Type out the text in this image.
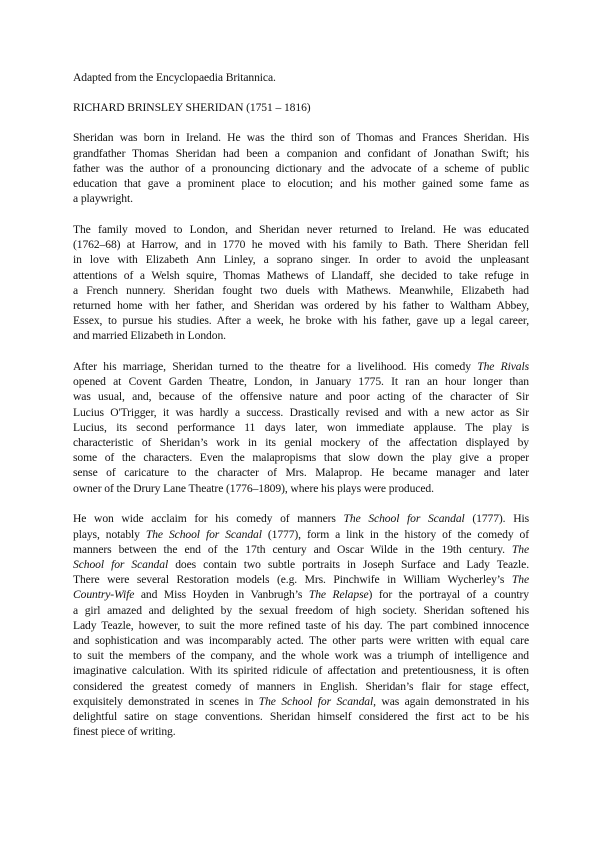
Adapted from the Encyclopaedia Britannica.

RICHARD BRINSLEY SHERIDAN (1751 – 1816)

Sheridan was born in Ireland. He was the third son of Thomas and Frances Sheridan. His
grandfather Thomas Sheridan had been a companion and confidant of Jonathan Swift; his
father was the author of a pronouncing dictionary and the advocate of a scheme of public
education that gave a prominent place to elocution; and his mother gained some fame as
a playwright.

The family moved to London, and Sheridan never returned to Ireland. He was educated
(1762–68) at Harrow, and in 1770 he moved with his family to Bath. There Sheridan fell
in love with Elizabeth Ann Linley, a soprano singer. In order to avoid the unpleasant
attentions of a Welsh squire, Thomas Mathews of Llandaff, she decided to take refuge in
a French nunnery. Sheridan fought two duels with Mathews. Meanwhile, Elizabeth had
returned home with her father, and Sheridan was ordered by his father to Waltham Abbey,
Essex, to pursue his studies. After a week, he broke with his father, gave up a legal career,
and married Elizabeth in London.

After his marriage, Sheridan turned to the theatre for a livelihood. His comedy The Rivals
opened at Covent Garden Theatre, London, in January 1775. It ran an hour longer than
was usual, and, because of the offensive nature and poor acting of the character of Sir
Lucius O'Trigger, it was hardly a success. Drastically revised and with a new actor as Sir
Lucius, its second performance 11 days later, won immediate applause. The play is
characteristic of Sheridan’s work in its genial mockery of the affectation displayed by
some of the characters. Even the malapropisms that slow down the play give a proper
sense of caricature to the character of Mrs. Malaprop. He became manager and later
owner of the Drury Lane Theatre (1776–1809), where his plays were produced.

He won wide acclaim for his comedy of manners The School for Scandal (1777). His
plays, notably The School for Scandal (1777), form a link in the history of the comedy of
manners between the end of the 17th century and Oscar Wilde in the 19th century. The
School for Scandal does contain two subtle portraits in Joseph Surface and Lady Teazle.
There were several Restoration models (e.g. Mrs. Pinchwife in William Wycherley’s The
Country-Wife and Miss Hoyden in Vanbrugh’s The Relapse) for the portrayal of a country
a girl amazed and delighted by the sexual freedom of high society. Sheridan softened his
Lady Teazle, however, to suit the more refined taste of his day. The part combined innocence
and sophistication and was incomparably acted. The other parts were written with equal care
to suit the members of the company, and the whole work was a triumph of intelligence and
imaginative calculation. With its spirited ridicule of affectation and pretentiousness, it is often
considered the greatest comedy of manners in English. Sheridan’s flair for stage effect,
exquisitely demonstrated in scenes in The School for Scandal, was again demonstrated in his
delightful satire on stage conventions. Sheridan himself considered the first act to be his
finest piece of writing.
